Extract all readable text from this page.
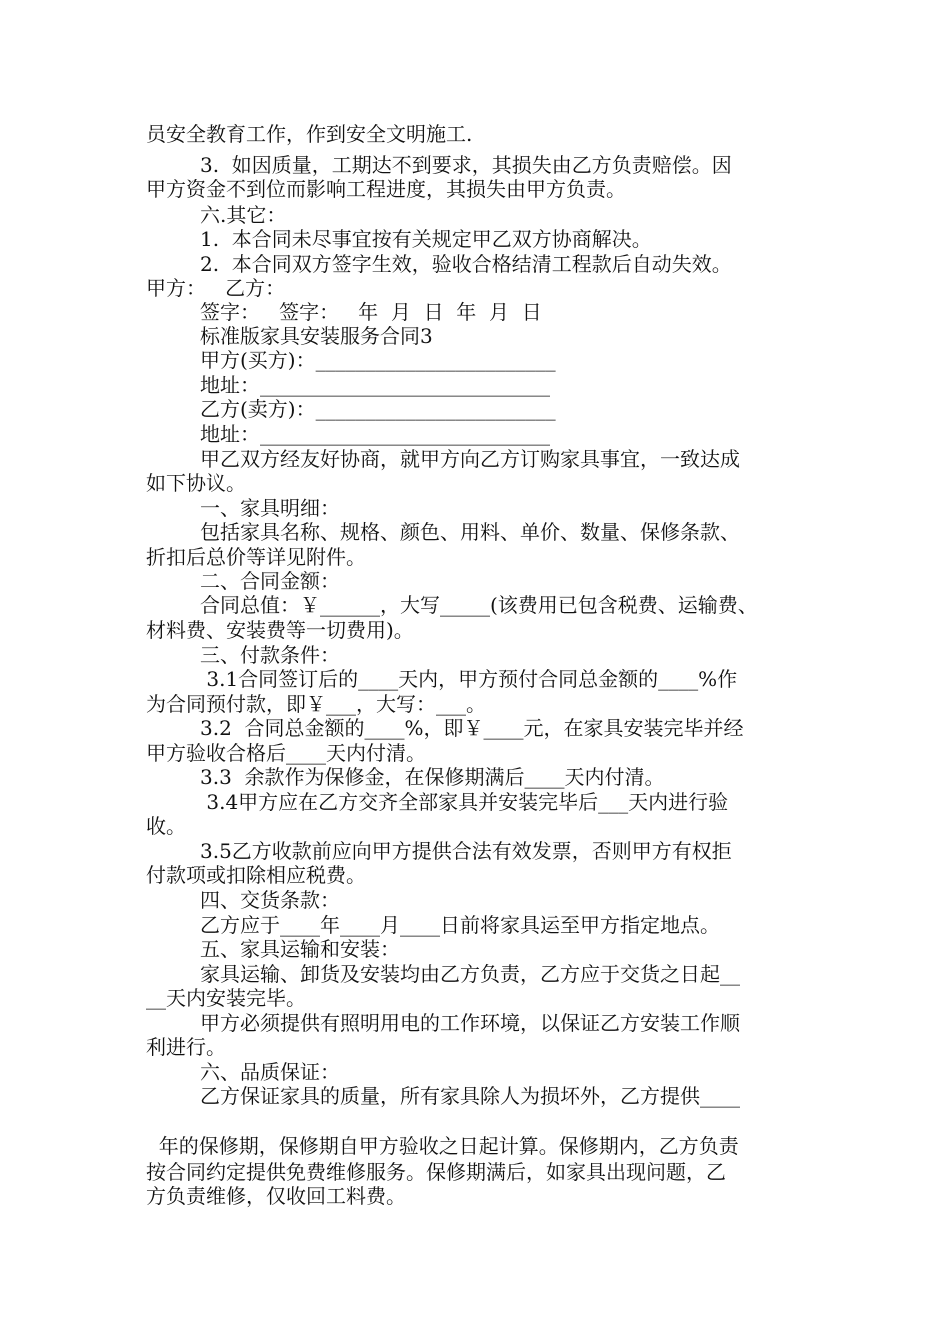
员安全教育工作，作到安全文明施工.
3.  如因质量，工期达不到要求，其损失由乙方负责赔偿。因
甲方资金不到位而影响工程进度，其损失由甲方负责。
六.其它：
1.  本合同未尽事宜按有关规定甲乙双方协商解决。
2.  本合同双方签字生效，验收合格结清工程款后自动失效。
甲方：   乙方：
签字：   签字：   年  月  日  年  月  日
标准版家具安装服务合同3
甲方(买方)：________________________
地址：_____________________________
乙方(卖方)：________________________
地址：_____________________________
甲乙双方经友好协商，就甲方向乙方订购家具事宜，一致达成
如下协议。
一、家具明细：
包括家具名称、规格、颜色、用料、单价、数量、保修条款、
折扣后总价等详见附件。
二、合同金额：
合同总值：￥______，大写_____(该费用已包含税费、运输费、
材料费、安装费等一切费用)。
三、付款条件：
3.1合同签订后的____天内，甲方预付合同总金额的____%作
为合同预付款，即￥___，大写：___。
3.2  合同总金额的____%，即￥____元，在家具安装完毕并经
甲方验收合格后____天内付清。
3.3  余款作为保修金，在保修期满后____天内付清。
3.4甲方应在乙方交齐全部家具并安装完毕后___天内进行验
收。
3.5乙方收款前应向甲方提供合法有效发票，否则甲方有权拒
付款项或扣除相应税费。
四、交货条款：
乙方应于____年____月____日前将家具运至甲方指定地点。
五、家具运输和安装：
家具运输、卸货及安装均由乙方负责，乙方应于交货之日起__
__天内安装完毕。
甲方必须提供有照明用电的工作环境，以保证乙方安装工作顺
利进行。
六、品质保证：
乙方保证家具的质量，所有家具除人为损坏外，乙方提供____
年的保修期，保修期自甲方验收之日起计算。保修期内，乙方负责
按合同约定提供免费维修服务。保修期满后，如家具出现问题，乙
方负责维修，仅收回工料费。
